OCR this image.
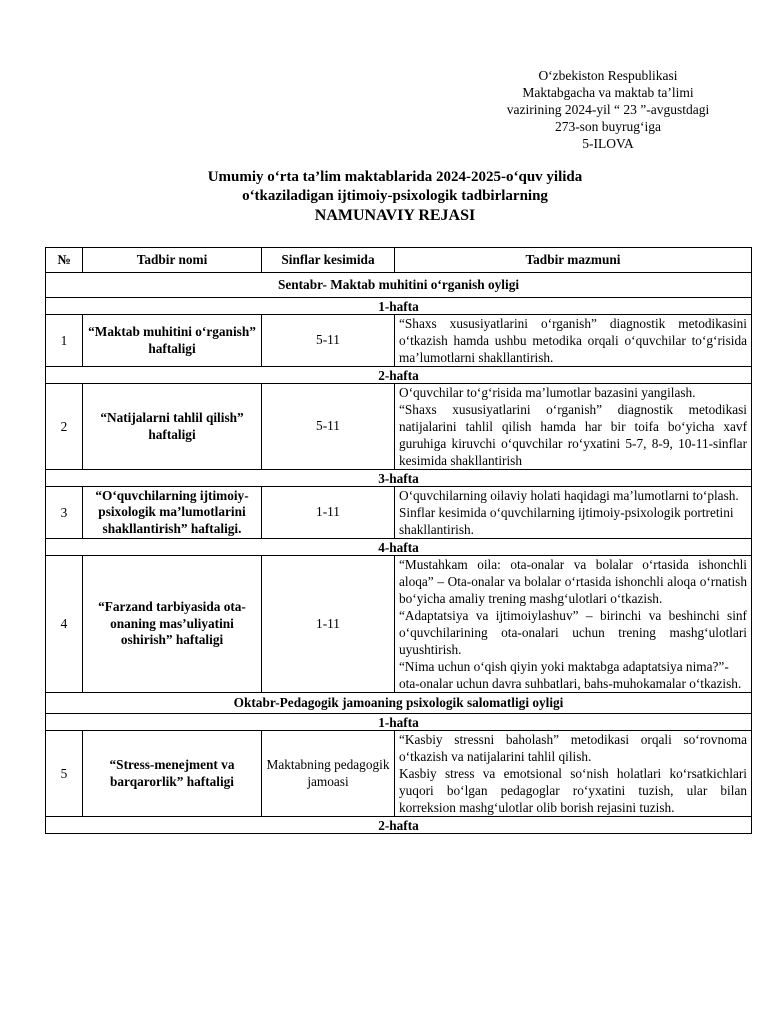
O‘zbekiston Respublikasi
Maktabgacha va maktab ta’limi
vazirining 2024-yil “ 23 ”-avgustdagi
273-son buyrug‘iga
5-ILOVA
Umumiy o‘rta ta’lim maktablarida 2024-2025-o‘quv yilida
o‘tkaziladigan ijtimoiy-psixologik tadbirlarning
NAMUNAVIY REJASI
№	Tadbir nomi	Sinflar kesimida	Tadbir mazmuni
Sentabr- Maktab muhitini o‘rganish oyligi			
1-hafta			
1	“Maktab muhitini o‘rganish” haftaligi	5-11	“Shaxs xususiyatlarini o‘rganish” diagnostik metodikasini o‘tkazish hamda ushbu metodika orqali o‘quvchilar to‘g‘risida ma’lumotlarni shakllantirish.

2-hafta			
2	“Natijalarni tahlil qilish” haftaligi	5-11	O‘quvchilar to‘g‘risida ma’lumotlar bazasini yangilash.

“Shaxs xususiyatlarini o‘rganish” diagnostik metodikasi natijalarini tahlil qilish hamda har bir toifa bo‘yicha xavf guruhiga kiruvchi o‘quvchilar ro‘yxatini 5-7, 8-9, 10-11-sinflar kesimida shakllantirish

3-hafta			
3	“O‘quvchilarning ijtimoiy-psixologik ma’lumotlarini shakllantirish” haftaligi.	1-11	O‘quvchilarning oilaviy holati haqidagi ma’lumotlarni to‘plash.

Sinflar kesimida o‘quvchilarning ijtimoiy-psixologik portretini shakllantirish.

4-hafta			
4	“Farzand tarbiyasida ota-onaning mas’uliyatini oshirish” haftaligi	1-11	“Mustahkam oila: ota-onalar va bolalar o‘rtasida ishonchli aloqa” – Ota-onalar va bolalar o‘rtasida ishonchli aloqa o‘rnatish bo‘yicha amaliy trening mashg‘ulotlari o‘tkazish.

“Adaptatsiya va ijtimoiylashuv” – birinchi va beshinchi sinf o‘quvchilarining ota-onalari uchun trening mashg‘ulotlari uyushtirish.

“Nima uchun o‘qish qiyin yoki maktabga adaptatsiya nima?”- ota-onalar uchun davra suhbatlari, bahs-muhokamalar o‘tkazish.

Oktabr-Pedagogik jamoaning psixologik salomatligi oyligi			
1-hafta			
5	“Stress-menejment va barqarorlik” haftaligi	Maktabning pedagogik jamoasi	“Kasbiy stressni baholash” metodikasi orqali so‘rovnoma o‘tkazish va natijalarini tahlil qilish.

Kasbiy stress va emotsional so‘nish holatlari ko‘rsatkichlari yuqori bo‘lgan pedagoglar ro‘yxatini tuzish, ular bilan korreksion mashg‘ulotlar olib borish rejasini tuzish.

2-hafta			
